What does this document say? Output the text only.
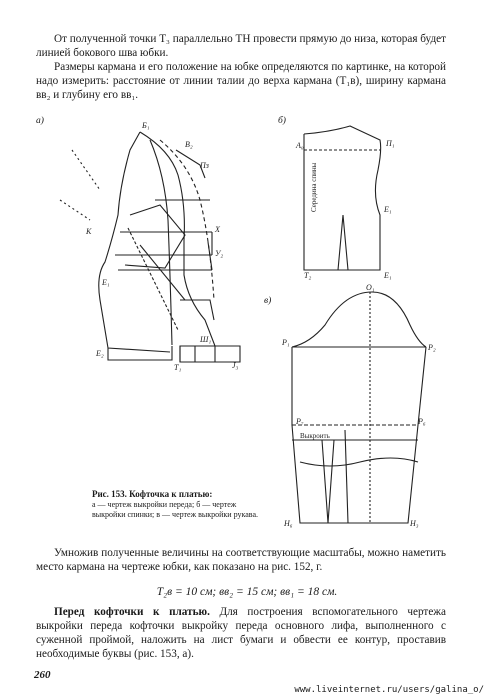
От полученной точки Т₃ параллельно ТН провести прямую до низа, которая будет линией бокового шва юбки.

Размеры кармана и его положение на юбке определяются по картинке, на которой надо измерить: расстояние от линии талии до верха кармана (Т₁в), ширину кармана вв₂ и глубину его вв₁.

а)	б)
в)
Б₁
В₂
Пз
К
Е₁
Е₂
Ш₁
J₃
Т₁
Х
У₂
А₀	П₁
Е₁
Т₂	Е₁
О₁
Р₁
Р₂
Р₇	Р₆
Н₆	Н₃
Середина спины
Выкроить
Рис. 153. Кофточка к платью:
а — чертеж выкройки переда; б — чертеж выкройки спинки; в — чертеж выкройки рукава.

Умножив полученные величины на соответствующие масштабы, можно наметить место кармана на чертеже юбки, как показано на рис. 152, г.

Т₂в = 10 см; вв₂ = 15 см; вв₁ = 18 см.

Перед кофточки к платью. Для построения вспомогательного чертежа выкройки переда кофточки выкройку переда основного лифа, выполненного с суженной проймой, наложить на лист бумаги и обвести ее контур, проставив необходимые буквы (рис. 153, а).

260
www.liveinternet.ru/users/galina_o/
